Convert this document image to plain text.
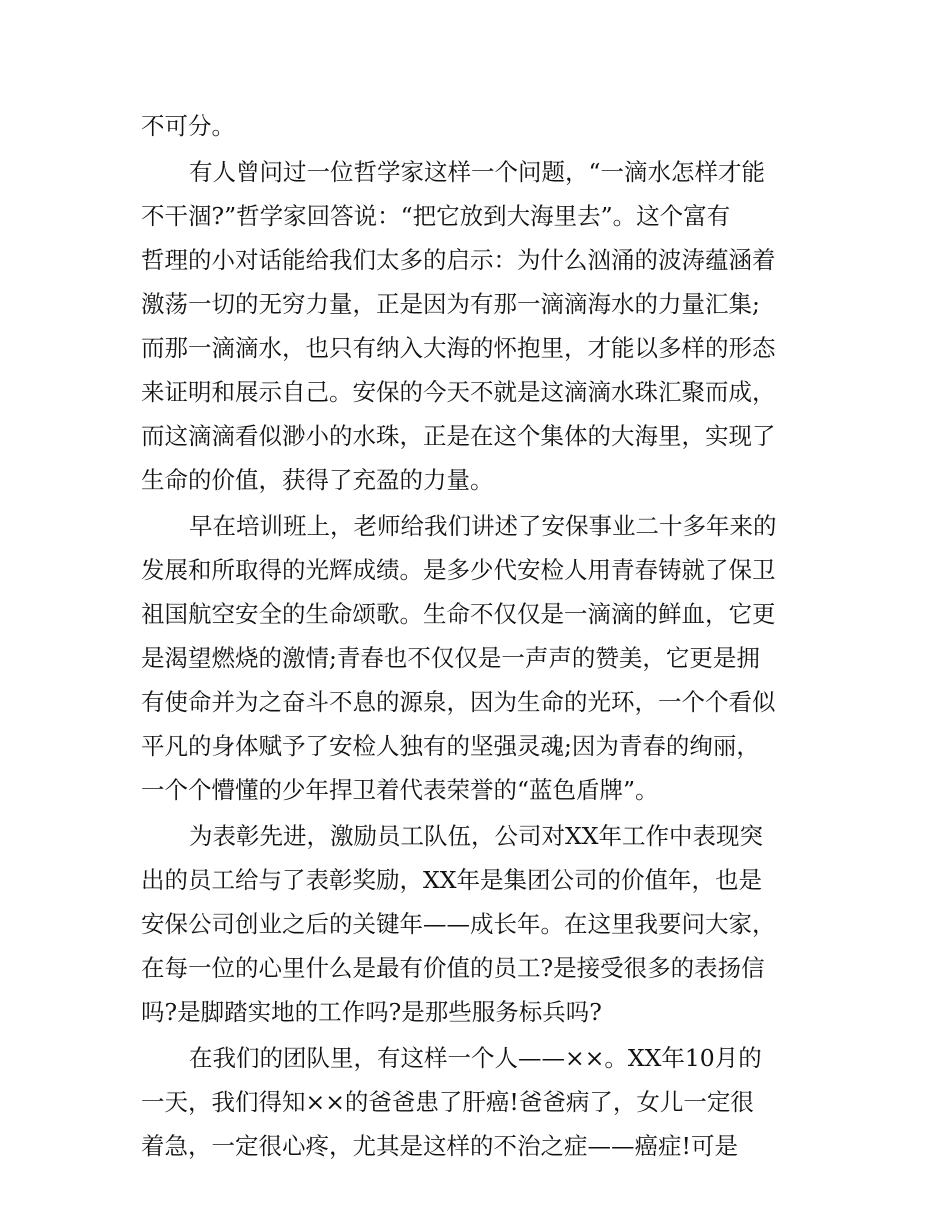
不可分。
有人曾问过一位哲学家这样一个问题，“一滴水怎样才能
不干涸?”哲学家回答说：“把它放到大海里去”。这个富有
哲理的小对话能给我们太多的启示：为什么汹涌的波涛蕴涵着
激荡一切的无穷力量，正是因为有那一滴滴海水的力量汇集;
而那一滴滴水，也只有纳入大海的怀抱里，才能以多样的形态
来证明和展示自己。安保的今天不就是这滴滴水珠汇聚而成，
而这滴滴看似渺小的水珠，正是在这个集体的大海里，实现了
生命的价值，获得了充盈的力量。
早在培训班上，老师给我们讲述了安保事业二十多年来的
发展和所取得的光辉成绩。是多少代安检人用青春铸就了保卫
祖国航空安全的生命颂歌。生命不仅仅是一滴滴的鲜血，它更
是渴望燃烧的激情;青春也不仅仅是一声声的赞美，它更是拥
有使命并为之奋斗不息的源泉，因为生命的光环，一个个看似
平凡的身体赋予了安检人独有的坚强灵魂;因为青春的绚丽，
一个个懵懂的少年捍卫着代表荣誉的“蓝色盾牌”。
为表彰先进，激励员工队伍，公司对XX年工作中表现突
出的员工给与了表彰奖励，XX年是集团公司的价值年，也是
安保公司创业之后的关键年——成长年。在这里我要问大家，
在每一位的心里什么是最有价值的员工?是接受很多的表扬信
吗?是脚踏实地的工作吗?是那些服务标兵吗?
在我们的团队里，有这样一个人——××。XX年10月的
一天，我们得知××的爸爸患了肝癌!爸爸病了，女儿一定很
着急，一定很心疼，尤其是这样的不治之症——癌症!可是
